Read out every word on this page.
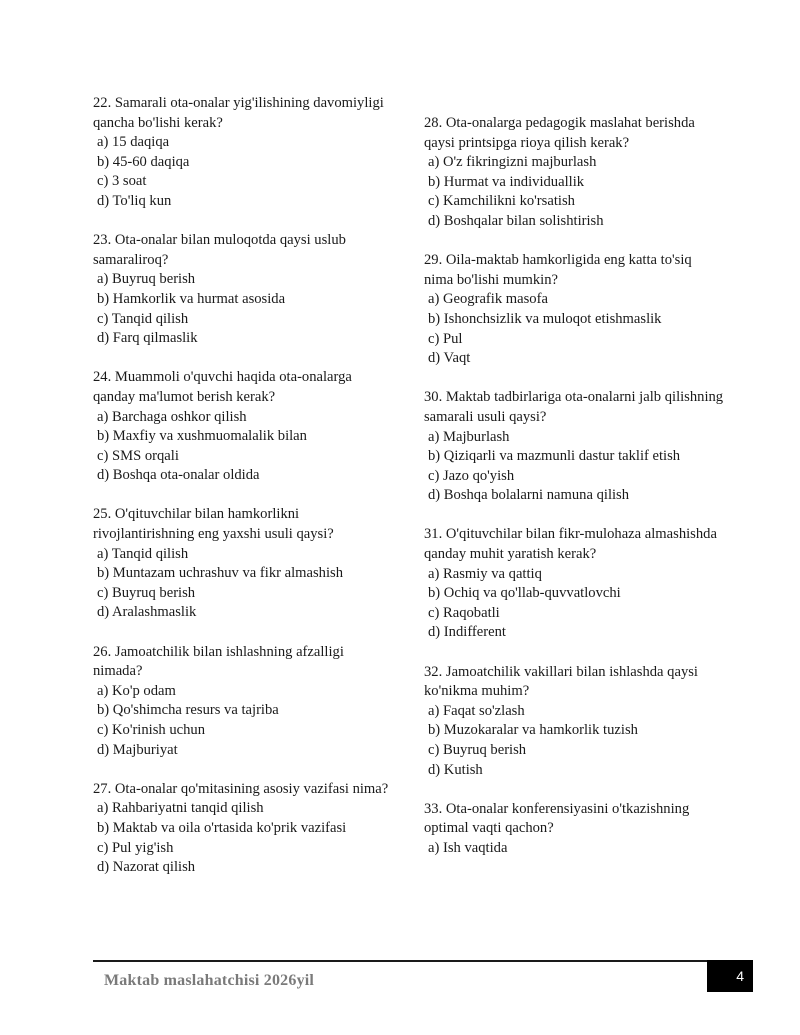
22. Samarali ota-onalar yig'ilishining davomiyligi qancha bo'lishi kerak?
a) 15 daqiqa
b) 45-60 daqiqa
c) 3 soat
d) To'liq kun
23. Ota-onalar bilan muloqotda qaysi uslub samaraliroq?
a) Buyruq berish
b) Hamkorlik va hurmat asosida
c) Tanqid qilish
d) Farq qilmaslik
24. Muammoli o'quvchi haqida ota-onalarga qanday ma'lumot berish kerak?
a) Barchaga oshkor qilish
b) Maxfiy va xushmuomalalik bilan
c) SMS orqali
d) Boshqa ota-onalar oldida
25. O'qituvchilar bilan hamkorlikni rivojlantirishning eng yaxshi usuli qaysi?
a) Tanqid qilish
b) Muntazam uchrashuv va fikr almashish
c) Buyruq berish
d) Aralashmaslik
26. Jamoatchilik bilan ishlashning afzalligi nimada?
a) Ko'p odam
b) Qo'shimcha resurs va tajriba
c) Ko'rinish uchun
d) Majburiyat
27. Ota-onalar qo'mitasining asosiy vazifasi nima?
a) Rahbariyatni tanqid qilish
b) Maktab va oila o'rtasida ko'prik vazifasi
c) Pul yig'ish
d) Nazorat qilish
28. Ota-onalarga pedagogik maslahat berishda qaysi printsipga rioya qilish kerak?
a) O'z fikringizni majburlash
b) Hurmat va individuallik
c) Kamchilikni ko'rsatish
d) Boshqalar bilan solishtirish
29. Oila-maktab hamkorligida eng katta to'siq nima bo'lishi mumkin?
a) Geografik masofa
b) Ishonchsizlik va muloqot etishmaslik
c) Pul
d) Vaqt
30. Maktab tadbirlariga ota-onalarni jalb qilishning samarali usuli qaysi?
a) Majburlash
b) Qiziqarli va mazmunli dastur taklif etish
c) Jazo qo'yish
d) Boshqa bolalarni namuna qilish
31. O'qituvchilar bilan fikr-mulohaza almashishda qanday muhit yaratish kerak?
a) Rasmiy va qattiq
b) Ochiq va qo'llab-quvvatlovchi
c) Raqobatli
d) Indifferent
32. Jamoatchilik vakillari bilan ishlashda qaysi ko'nikma muhim?
a) Faqat so'zlash
b) Muzokaralar va hamkorlik tuzish
c) Buyruq berish
d) Kutish
33. Ota-onalar konferensiyasini o'tkazishning optimal vaqti qachon?
a) Ish vaqtida
Maktab maslahatchisi 2026yil	4
